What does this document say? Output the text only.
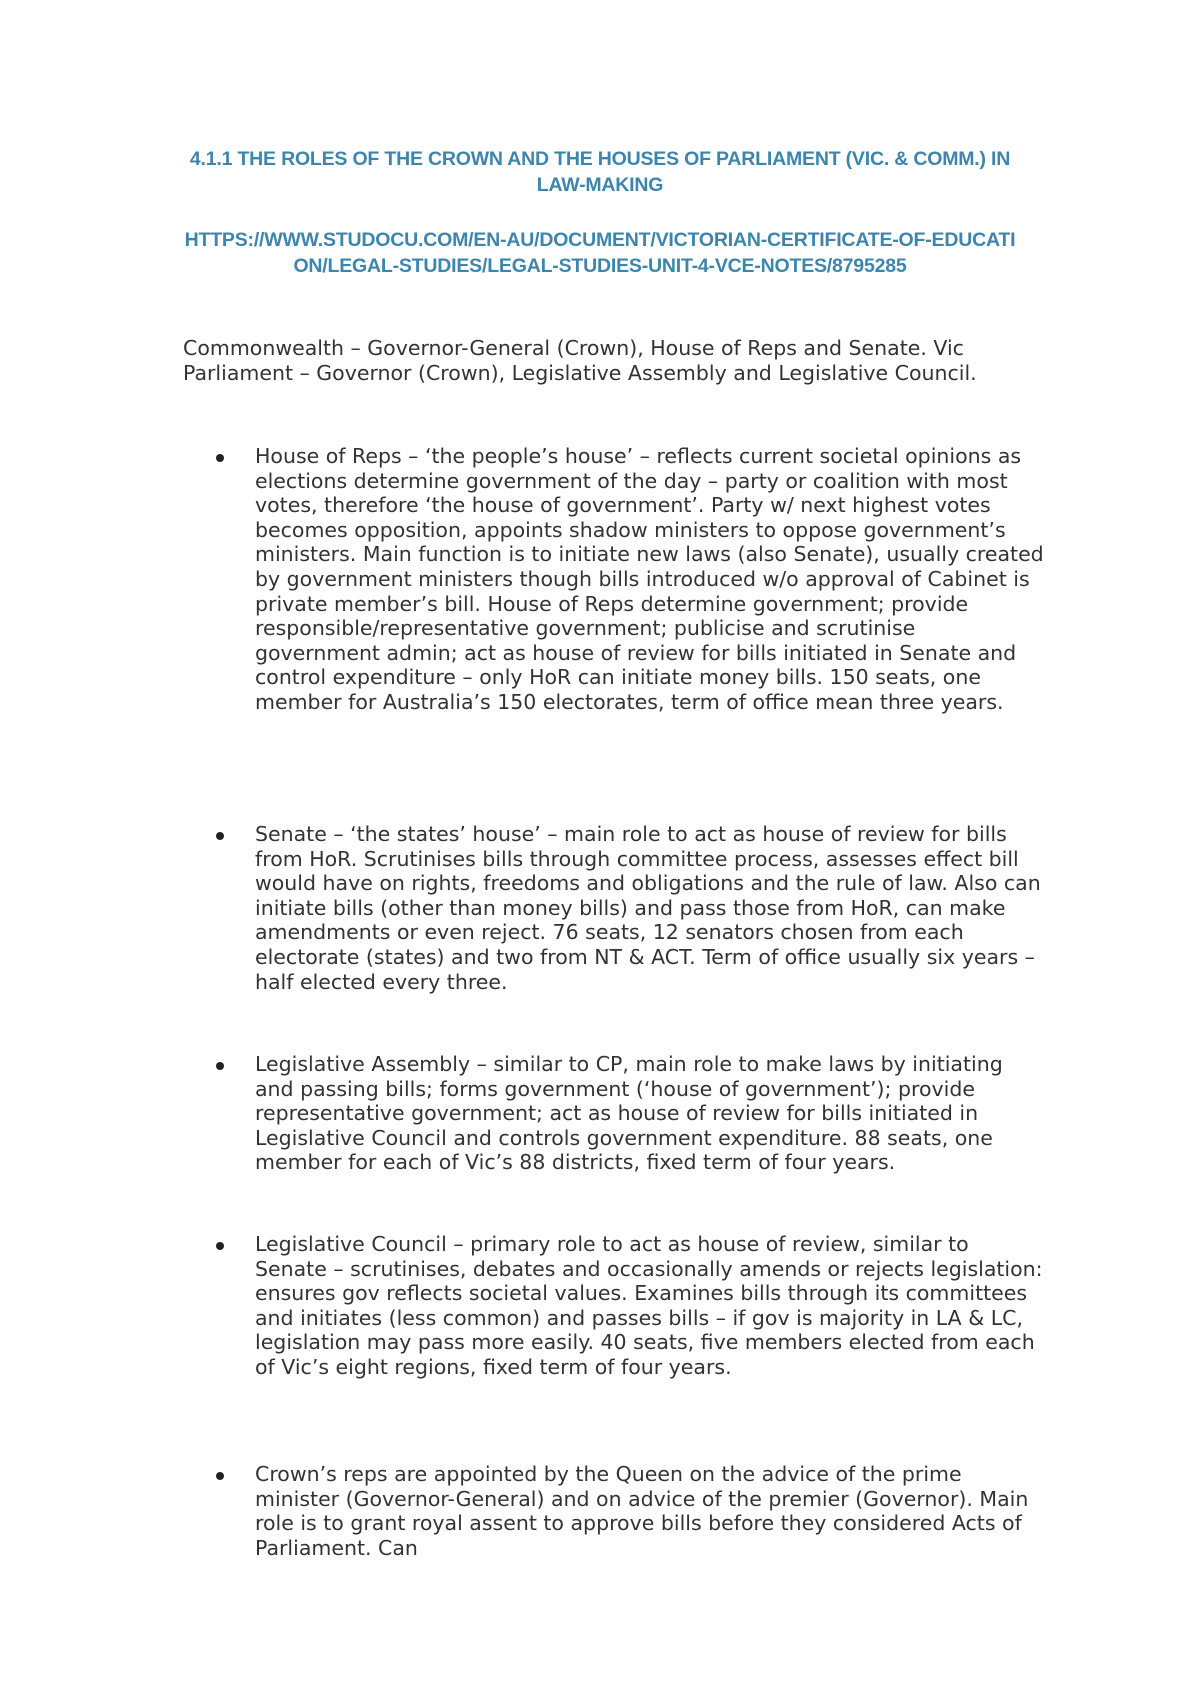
4.1.1 THE ROLES OF THE CROWN AND THE HOUSES OF PARLIAMENT (VIC. & COMM.) IN LAW-MAKING
HTTPS://WWW.STUDOCU.COM/EN-AU/DOCUMENT/VICTORIAN-CERTIFICATE-OF-EDUCATION/LEGAL-STUDIES/LEGAL-STUDIES-UNIT-4-VCE-NOTES/8795285

Commonwealth – Governor-General (Crown), House of Reps and Senate. Vic Parliament – Governor (Crown), Legislative Assembly and Legislative Council.

House of Reps – ‘the people’s house’ – reflects current societal opinions as elections determine government of the day – party or coalition with most votes, therefore ‘the house of government’. Party w/ next highest votes becomes opposition, appoints shadow ministers to oppose government’s ministers. Main function is to initiate new laws (also Senate), usually created by government ministers though bills introduced w/o approval of Cabinet is private member’s bill. House of Reps determine government; provide responsible/representative government; publicise and scrutinise government admin; act as house of review for bills initiated in Senate and control expenditure – only HoR can initiate money bills. 150 seats, one member for Australia’s 150 electorates, term of office mean three years.

Senate – ‘the states’ house’ – main role to act as house of review for bills from HoR. Scrutinises bills through committee process, assesses effect bill would have on rights, freedoms and obligations and the rule of law. Also can initiate bills (other than money bills) and pass those from HoR, can make amendments or even reject. 76 seats, 12 senators chosen from each electorate (states) and two from NT & ACT. Term of office usually six years – half elected every three.

Legislative Assembly – similar to CP, main role to make laws by initiating and passing bills; forms government (‘house of government’); provide representative government; act as house of review for bills initiated in Legislative Council and controls government expenditure. 88 seats, one member for each of Vic’s 88 districts, fixed term of four years.

Legislative Council – primary role to act as house of review, similar to Senate – scrutinises, debates and occasionally amends or rejects legislation: ensures gov reflects societal values. Examines bills through its committees and initiates (less common) and passes bills – if gov is majority in LA & LC, legislation may pass more easily. 40 seats, five members elected from each of Vic’s eight regions, fixed term of four years.

Crown’s reps are appointed by the Queen on the advice of the prime minister (Governor-General) and on advice of the premier (Governor). Main role is to grant royal assent to approve bills before they considered Acts of Parliament. Can
